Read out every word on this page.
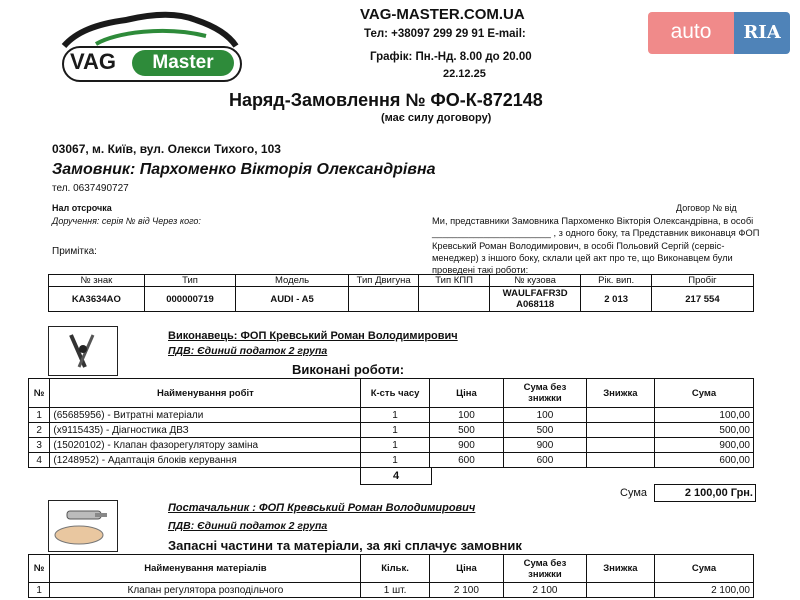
VAG	Master
VAG-MASTER.COM.UA
Тел: +38097 299 29 91 E-mail:
Графік: Пн.-Нд. 8.00 до 20.00
22.12.25
Наряд-Замовлення № ФО-К-872148
(має силу договору)
auto	RIA
03067, м. Київ, вул. Олекси Тихого, 103
Замовник: Пархоменко Вікторія Олександрівна
тел. 0637490727
Нал отсрочка
Доручення: серія № від Через кого:
Примітка:
Договор № від
Ми, представники Замовника Пархоменко Вікторія Олександрівна, в особі _______________________ , з одного боку, та Представник виконавця ФОП Кревський Роман Володимирович, в особі Польовий Сергій (сервіс-менеджер) з іншого боку, склали цей акт про те, що Виконавцем були проведені такі роботи:
№ знак	Тип	Модель	Тип Двигуна	Тип КПП	№ кузова	Рік. вип.	Пробіг
KA3634AO	000000719	AUDI - A5			WAULFAFR3D A068118	2 013	217 554
Виконавець: ФОП Кревський Роман Володимирович
ПДВ: Єдиний податок 2 група
Виконані роботи:
№	Найменування робіт	К-сть часу	Ціна	Сума без знижки	Знижка	Сума
1	(65685956) - Витратні матеріали	1	100	100		100,00
2	(x9115435) - Діагностика ДВЗ	1	500	500		500,00
3	(15020102) - Клапан фазорегулятору заміна	1	900	900		900,00
4	(1248952) - Адаптація блоків керування	1	600	600		600,00
4
Сума	2 100,00 Грн.
Постачальник : ФОП Кревський Роман Володимирович
ПДВ: Єдиний податок 2 група
Запасні частини та матеріали, за які сплачує замовник
№	Найменування матеріалів	Кільк.	Ціна	Сума без знижки	Знижка	Сума
1	Клапан регулятора розподільчого	1 шт.	2 100	2 100		2 100,00
